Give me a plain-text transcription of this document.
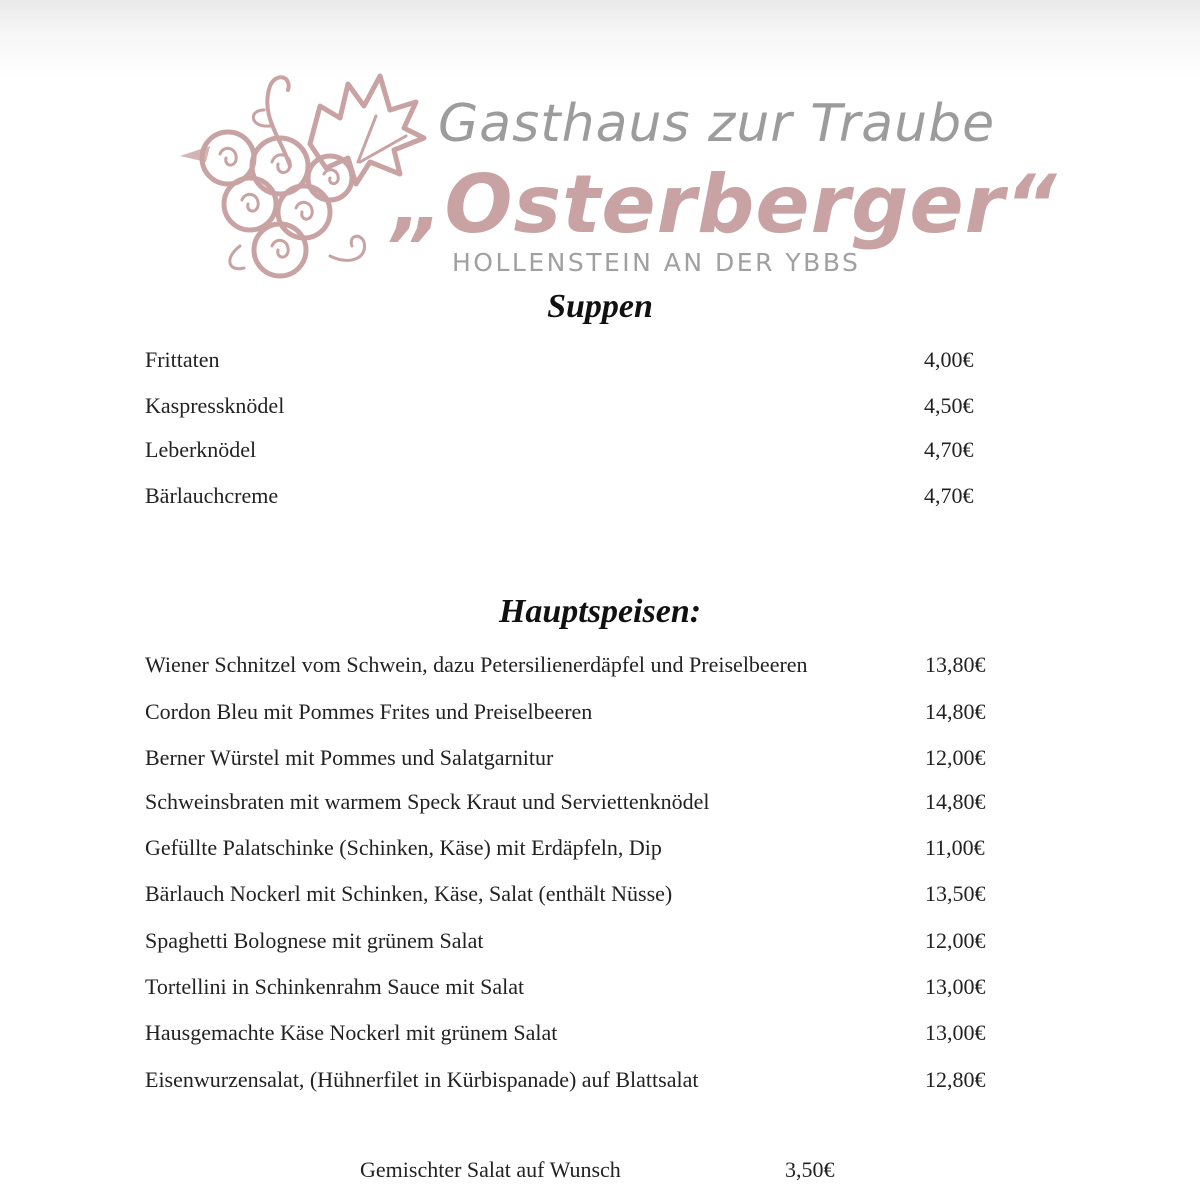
Gasthaus zur Traube
„Osterberger“
HOLLENSTEIN AN DER YBBS
Suppen
Frittaten	4,00€
Kaspressknödel	4,50€
Leberknödel	4,70€
Bärlauchcreme	4,70€
Hauptspeisen:
Wiener Schnitzel vom Schwein, dazu Petersilienerdäpfel und Preiselbeeren	13,80€
Cordon Bleu mit Pommes Frites und Preiselbeeren	14,80€
Berner Würstel mit Pommes und Salatgarnitur	12,00€
Schweinsbraten mit warmem Speck Kraut und Serviettenknödel	14,80€
Gefüllte Palatschinke (Schinken, Käse) mit Erdäpfeln, Dip	11,00€
Bärlauch Nockerl mit Schinken, Käse, Salat (enthält Nüsse)	13,50€
Spaghetti Bolognese mit grünem Salat	12,00€
Tortellini in Schinkenrahm Sauce mit Salat	13,00€
Hausgemachte Käse Nockerl mit grünem Salat	13,00€
Eisenwurzensalat, (Hühnerfilet in Kürbispanade) auf Blattsalat	12,80€
Gemischter Salat auf Wunsch	3,50€
